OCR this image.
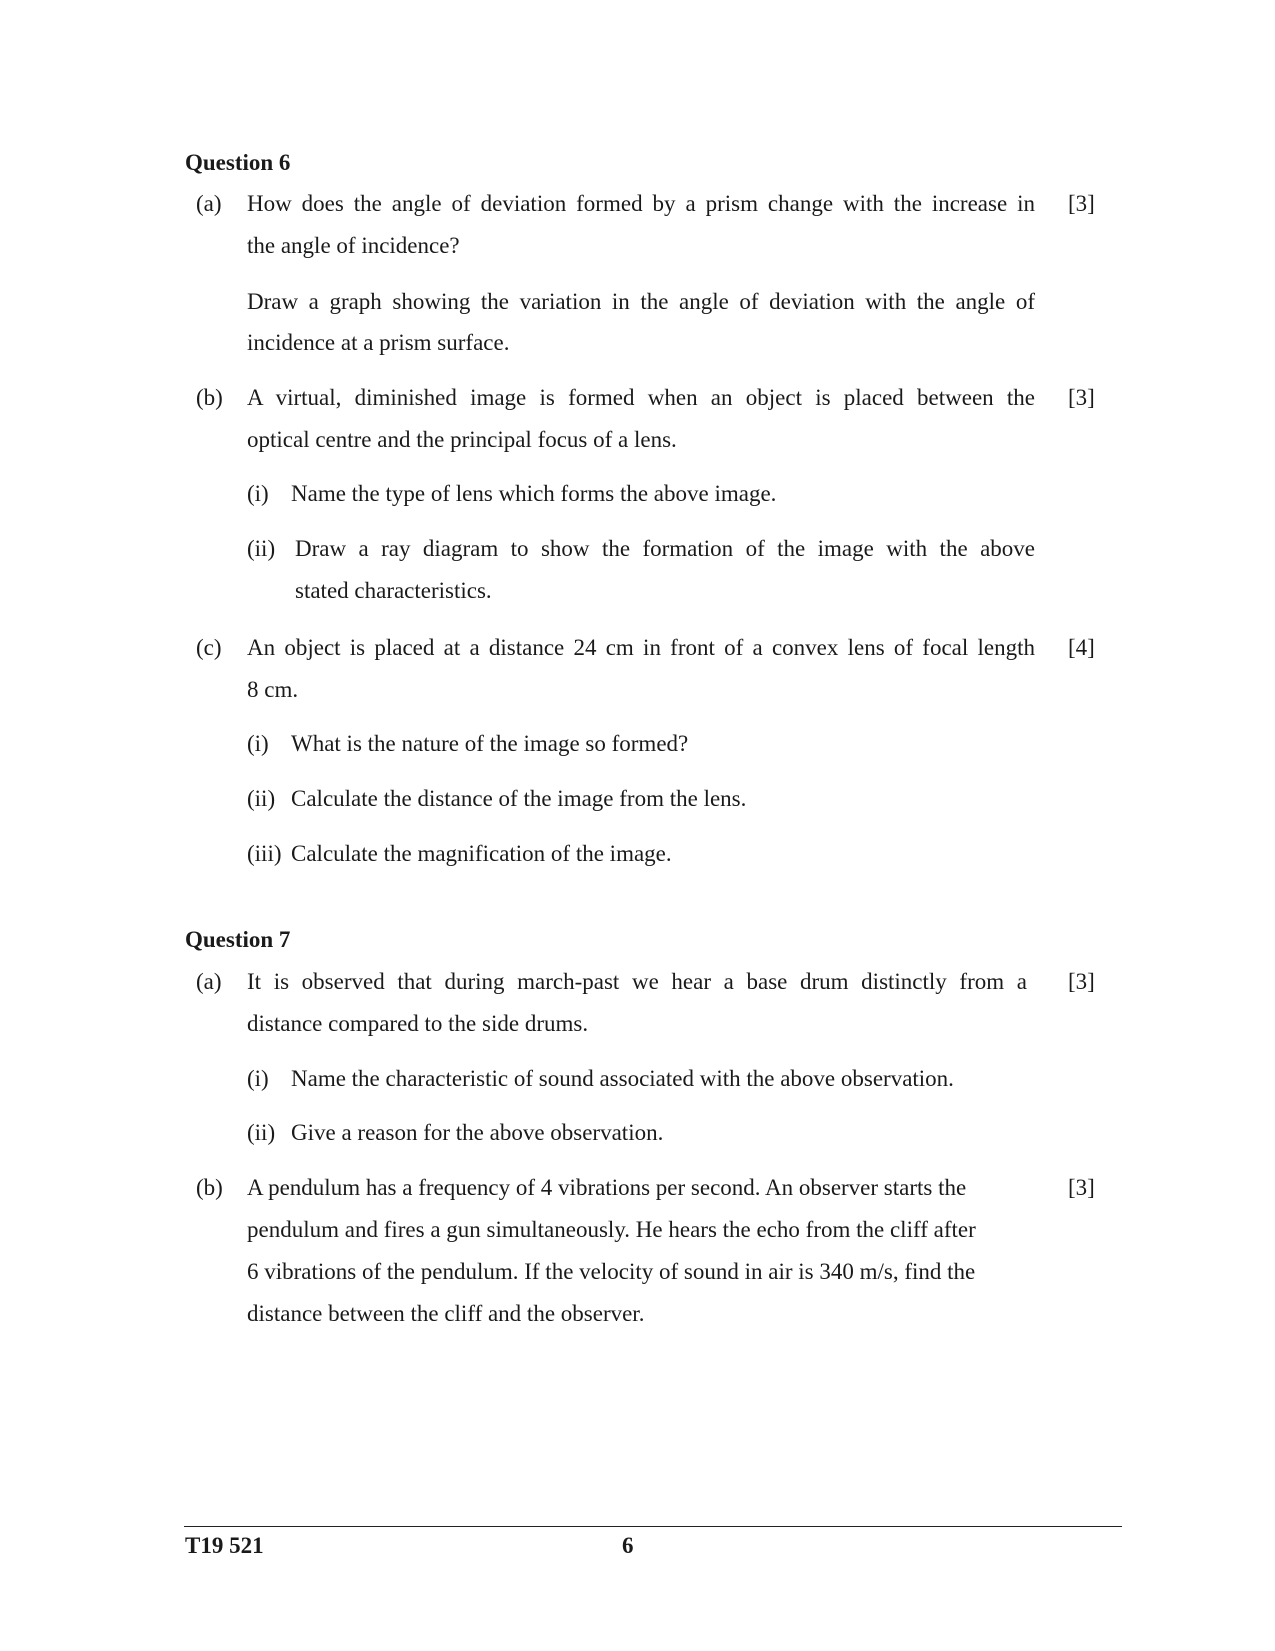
Question 6
(a) How does the angle of deviation formed by a prism change with the increase in
the angle of incidence?
[3]
Draw a graph showing the variation in the angle of deviation with the angle of
incidence at a prism surface.
(b) A virtual, diminished image is formed when an object is placed between the
optical centre and the principal focus of a lens.
[3]
(i) Name the type of lens which forms the above image.
(ii) Draw a ray diagram to show the formation of the image with the above
stated characteristics.
(c) An object is placed at a distance 24 cm in front of a convex lens of focal length
8 cm.
[4]
(i) What is the nature of the image so formed?
(ii) Calculate the distance of the image from the lens.
(iii) Calculate the magnification of the image.
Question 7
(a) It is observed that during march-past we hear a base drum distinctly from a
distance compared to the side drums.
[3]
(i) Name the characteristic of sound associated with the above observation.
(ii) Give a reason for the above observation.
(b) A pendulum has a frequency of 4 vibrations per second. An observer starts the
pendulum and fires a gun simultaneously. He hears the echo from the cliff after
6 vibrations of the pendulum. If the velocity of sound in air is 340 m/s, find the
distance between the cliff and the observer.
[3]
T19 521	6
